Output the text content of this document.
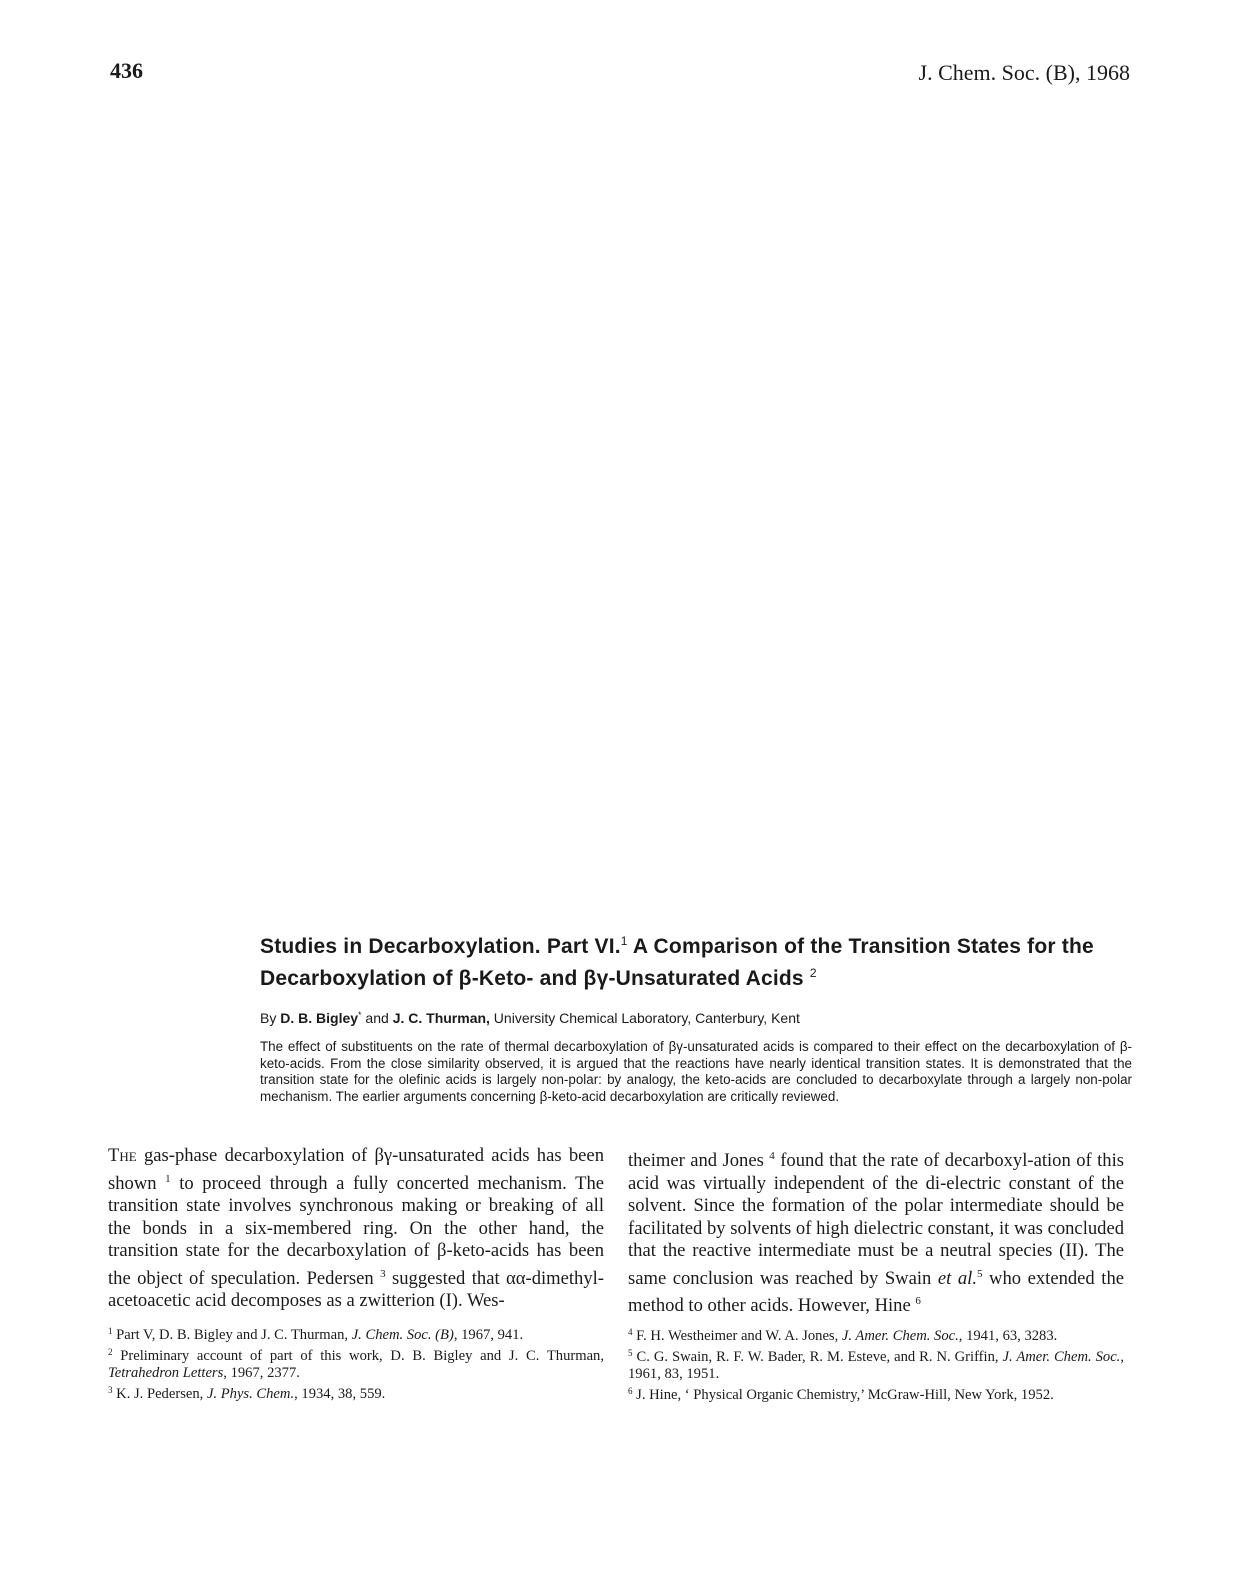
436	J. Chem. Soc. (B), 1968
Studies in Decarboxylation. Part VI.$^1$ A Comparison of the Transition States for the Decarboxylation of β-Keto- and βγ-Unsaturated Acids $^2$
By D. B. Bigley* and J. C. Thurman, University Chemical Laboratory, Canterbury, Kent

The effect of substituents on the rate of thermal decarboxylation of βγ-unsaturated acids is compared to their effect on the decarboxylation of β-keto-acids. From the close similarity observed, it is argued that the reactions have nearly identical transition states. It is demonstrated that the transition state for the olefinic acids is largely non-polar: by analogy, the keto-acids are concluded to decarboxylate through a largely non-polar mechanism. The earlier arguments concerning β-keto-acid decarboxylation are critically reviewed.

The gas-phase decarboxylation of βγ-unsaturated acids has been shown $^1$ to proceed through a fully concerted mechanism. The transition state involves synchronous making or breaking of all the bonds in a six-membered ring. On the other hand, the transition state for the decarboxylation of β-keto-acids has been the object of speculation. Pedersen $^3$ suggested that αα-dimethyl-acetoacetic acid decomposes as a zwitterion (I). Wes-

$^1$ Part V, D. B. Bigley and J. C. Thurman, J. Chem. Soc. (B), 1967, 941.

$^2$ Preliminary account of part of this work, D. B. Bigley and J. C. Thurman, Tetrahedron Letters, 1967, 2377.

$^3$ K. J. Pedersen, J. Phys. Chem., 1934, 38, 559.

theimer and Jones $^4$ found that the rate of decarboxyl-ation of this acid was virtually independent of the di-electric constant of the solvent. Since the formation of the polar intermediate should be facilitated by solvents of high dielectric constant, it was concluded that the reactive intermediate must be a neutral species (II). The same conclusion was reached by Swain et al.$^5$ who extended the method to other acids. However, Hine $^6$

$^4$ F. H. Westheimer and W. A. Jones, J. Amer. Chem. Soc., 1941, 63, 3283.

$^5$ C. G. Swain, R. F. W. Bader, R. M. Esteve, and R. N. Griffin, J. Amer. Chem. Soc., 1961, 83, 1951.

$^6$ J. Hine, ‘ Physical Organic Chemistry,’ McGraw-Hill, New York, 1952.
